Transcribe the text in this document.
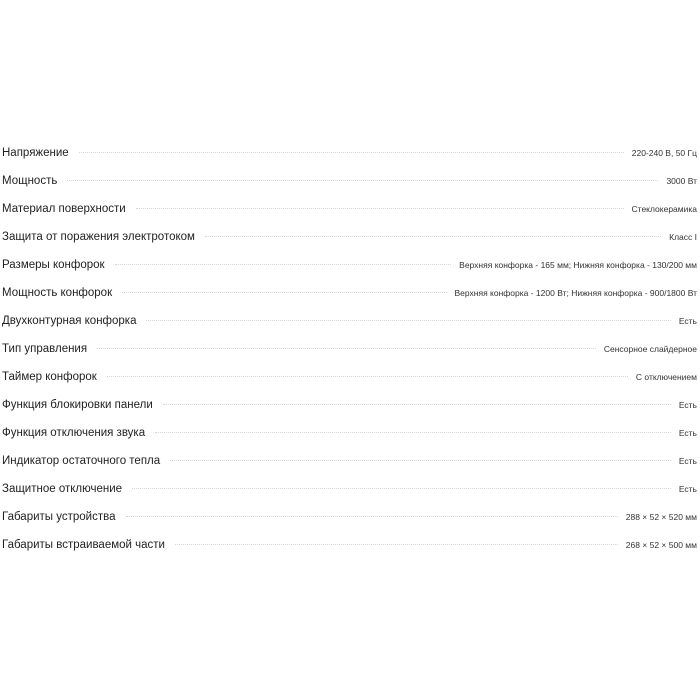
Напряжение	220-240 В, 50 Гц
Мощность	3000 Вт
Материал поверхности	Стеклокерамика
Защита от поражения электротоком	Класс I
Размеры конфорок	Верхняя конфорка - 165 мм; Нижняя конфорка - 130/200 мм
Мощность конфорок	Верхняя конфорка - 1200 Вт; Нижняя конфорка - 900/1800 Вт
Двухконтурная конфорка	Есть
Тип управления	Сенсорное слайдерное
Таймер конфорок	С отключением
Функция блокировки панели	Есть
Функция отключения звука	Есть
Индикатор остаточного тепла	Есть
Защитное отключение	Есть
Габариты устройства	288 × 52 × 520 мм
Габариты встраиваемой части	268 × 52 × 500 мм
